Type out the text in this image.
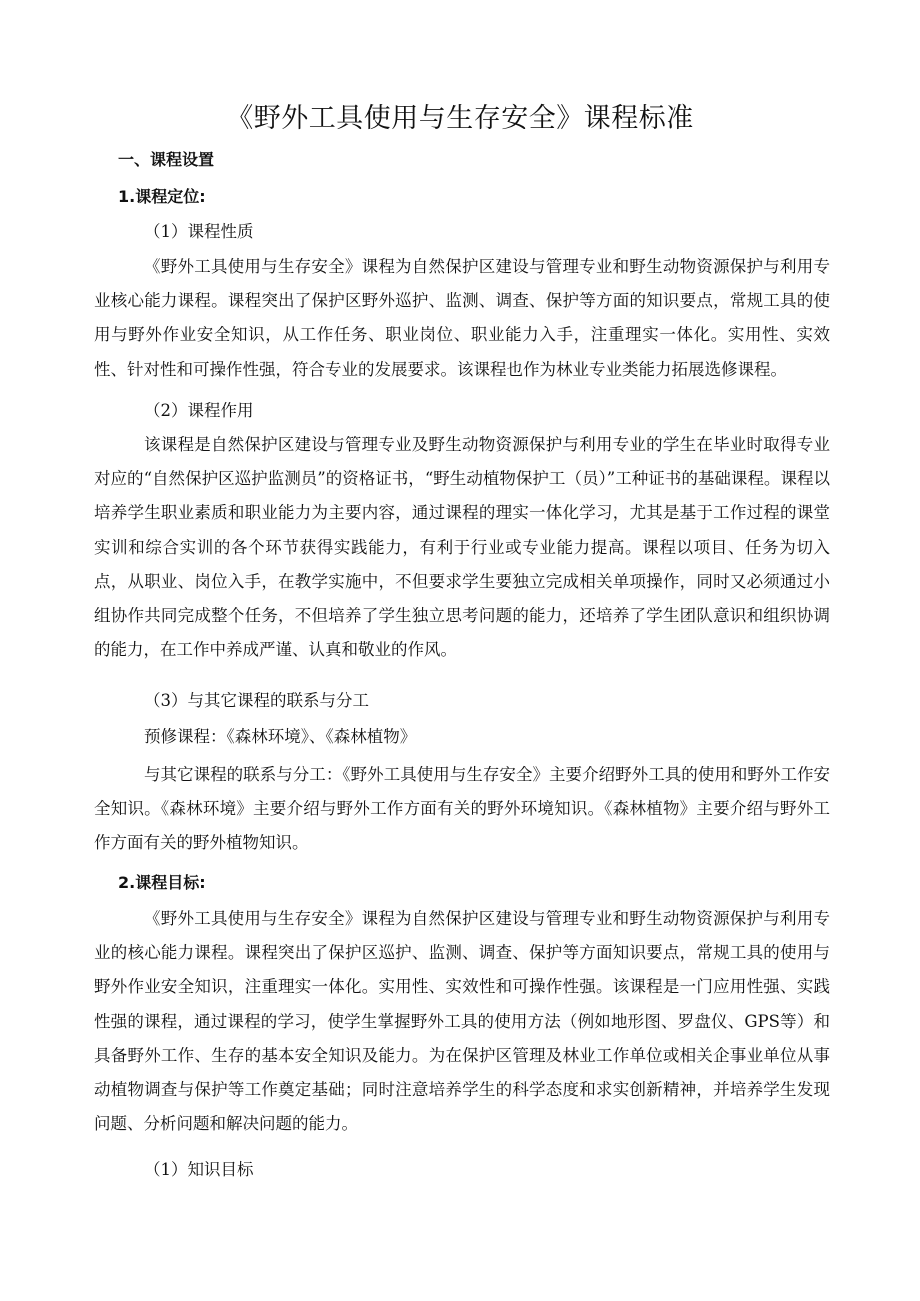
《野外工具使用与生存安全》课程标准

一、课程设置

1.课程定位:

（1）课程性质

《野外工具使用与生存安全》课程为自然保护区建设与管理专业和野生动物资源保护与利用专业核心能力课程。课程突出了保护区野外巡护、监测、调查、保护等方面的知识要点，常规工具的使用与野外作业安全知识，从工作任务、职业岗位、职业能力入手，注重理实一体化。实用性、实效性、针对性和可操作性强，符合专业的发展要求。该课程也作为林业专业类能力拓展选修课程。

（2）课程作用

该课程是自然保护区建设与管理专业及野生动物资源保护与利用专业的学生在毕业时取得专业对应的“自然保护区巡护监测员”的资格证书，“野生动植物保护工（员）”工种证书的基础课程。课程以培养学生职业素质和职业能力为主要内容，通过课程的理实一体化学习，尤其是基于工作过程的课堂实训和综合实训的各个环节获得实践能力，有利于行业或专业能力提高。课程以项目、任务为切入点，从职业、岗位入手，在教学实施中，不但要求学生要独立完成相关单项操作，同时又必须通过小组协作共同完成整个任务，不但培养了学生独立思考问题的能力，还培养了学生团队意识和组织协调的能力，在工作中养成严谨、认真和敬业的作风。

（3）与其它课程的联系与分工

预修课程：《森林环境》、《森林植物》

与其它课程的联系与分工：《野外工具使用与生存安全》主要介绍野外工具的使用和野外工作安全知识。《森林环境》主要介绍与野外工作方面有关的野外环境知识。《森林植物》主要介绍与野外工作方面有关的野外植物知识。

2.课程目标:

《野外工具使用与生存安全》课程为自然保护区建设与管理专业和野生动物资源保护与利用专业的核心能力课程。课程突出了保护区巡护、监测、调查、保护等方面知识要点，常规工具的使用与野外作业安全知识，注重理实一体化。实用性、实效性和可操作性强。该课程是一门应用性强、实践性强的课程，通过课程的学习，使学生掌握野外工具的使用方法（例如地形图、罗盘仪、GPS等）和具备野外工作、生存的基本安全知识及能力。为在保护区管理及林业工作单位或相关企事业单位从事动植物调查与保护等工作奠定基础；同时注意培养学生的科学态度和求实创新精神，并培养学生发现问题、分析问题和解决问题的能力。

（1）知识目标
